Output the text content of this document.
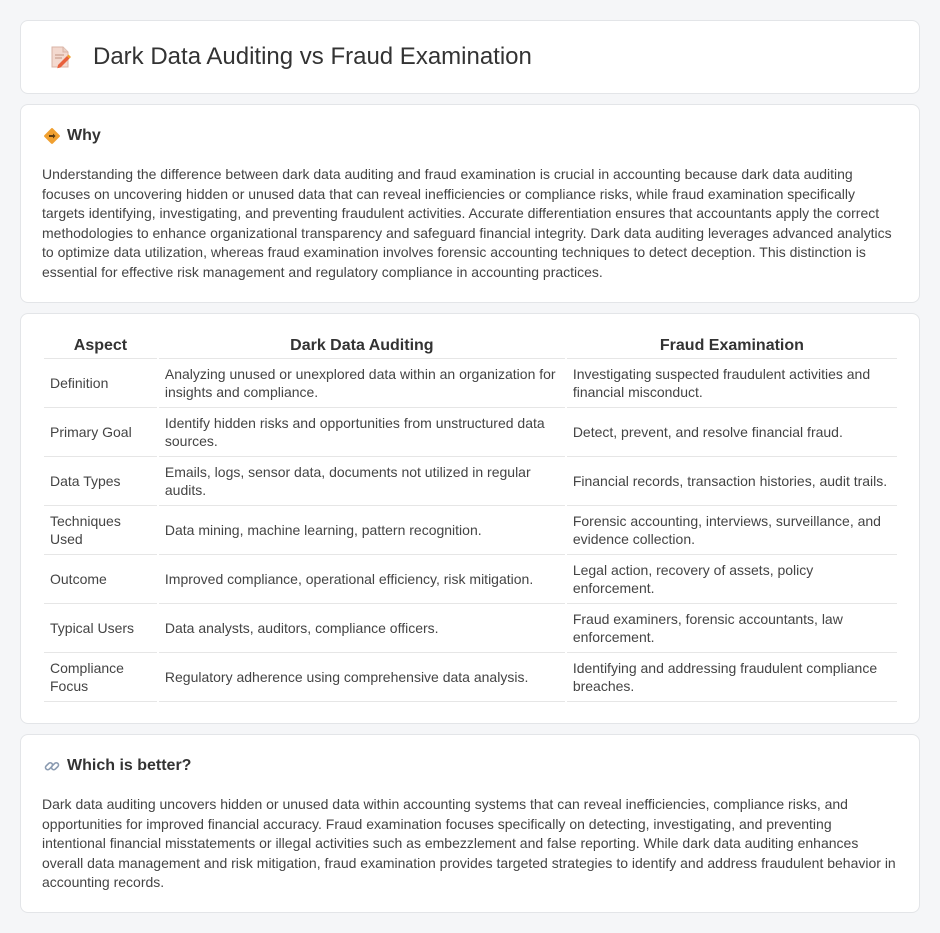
Dark Data Auditing vs Fraud Examination
Why

Understanding the difference between dark data auditing and fraud examination is crucial in accounting because dark data auditing focuses on uncovering hidden or unused data that can reveal inefficiencies or compliance risks, while fraud examination specifically targets identifying, investigating, and preventing fraudulent activities. Accurate differentiation ensures that accountants apply the correct methodologies to enhance organizational transparency and safeguard financial integrity. Dark data auditing leverages advanced analytics to optimize data utilization, whereas fraud examination involves forensic accounting techniques to detect deception. This distinction is essential for effective risk management and regulatory compliance in accounting practices.

Aspect	Dark Data Auditing	Fraud Examination
Definition	Analyzing unused or unexplored data within an organization for insights and compliance.	Investigating suspected fraudulent activities and financial misconduct.
Primary Goal	Identify hidden risks and opportunities from unstructured data sources.	Detect, prevent, and resolve financial fraud.
Data Types	Emails, logs, sensor data, documents not utilized in regular audits.	Financial records, transaction histories, audit trails.
Techniques Used	Data mining, machine learning, pattern recognition.	Forensic accounting, interviews, surveillance, and evidence collection.
Outcome	Improved compliance, operational efficiency, risk mitigation.	Legal action, recovery of assets, policy enforcement.
Typical Users	Data analysts, auditors, compliance officers.	Fraud examiners, forensic accountants, law enforcement.
Compliance Focus	Regulatory adherence using comprehensive data analysis.	Identifying and addressing fraudulent compliance breaches.
Which is better?

Dark data auditing uncovers hidden or unused data within accounting systems that can reveal inefficiencies, compliance risks, and opportunities for improved financial accuracy. Fraud examination focuses specifically on detecting, investigating, and preventing intentional financial misstatements or illegal activities such as embezzlement and false reporting. While dark data auditing enhances overall data management and risk mitigation, fraud examination provides targeted strategies to identify and address fraudulent behavior in accounting records.
